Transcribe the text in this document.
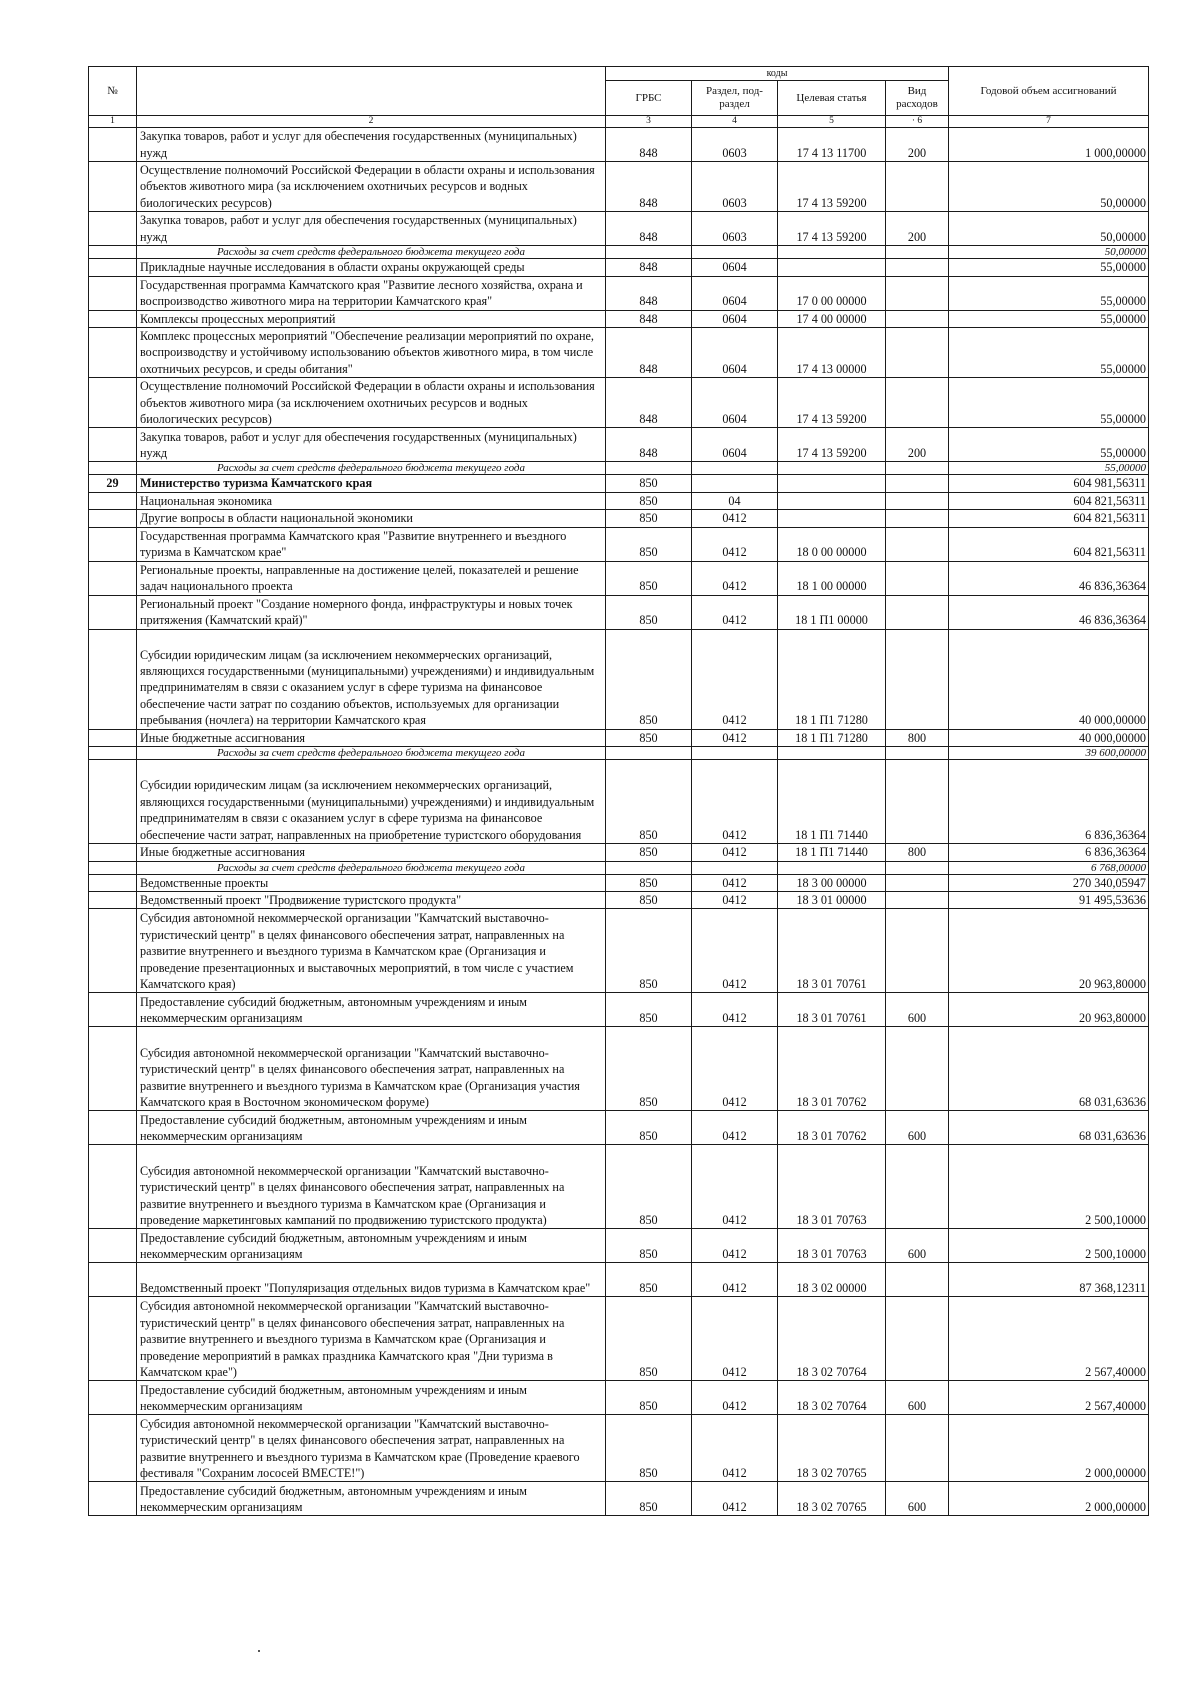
№		коды				Годовой объем ассигнований
		ГРБС	Раздел, под-раздел	Целевая статья	Вид расходов	
1	2	3	4	5	· 6	7
	Закупка товаров, работ и услуг для обеспечения государственных (муниципальных) нужд	848	0603	17 4 13 11700	200	1 000,00000
	Осуществление полномочий Российской Федерации в области охраны и использования объектов животного мира (за исключением охотничьих ресурсов и водных биологических ресурсов)	848	0603	17 4 13 59200		50,00000
	Закупка товаров, работ и услуг для обеспечения государственных (муниципальных) нужд	848	0603	17 4 13 59200	200	50,00000
	Расходы за счет средств федерального бюджета текущего года					50,00000
	Прикладные научные исследования в области охраны окружающей среды	848	0604			55,00000
	Государственная программа Камчатского края "Развитие лесного хозяйства, охрана и воспроизводство животного мира на территории Камчатского края"	848	0604	17 0 00 00000		55,00000
	Комплексы процессных мероприятий	848	0604	17 4 00 00000		55,00000
	Комплекс процессных мероприятий "Обеспечение реализации мероприятий по охране, воспроизводству и устойчивому использованию объектов животного мира, в том числе охотничьих ресурсов, и среды обитания"	848	0604	17 4 13 00000		55,00000
	Осуществление полномочий Российской Федерации в области охраны и использования объектов животного мира (за исключением охотничьих ресурсов и водных биологических ресурсов)	848	0604	17 4 13 59200		55,00000
	Закупка товаров, работ и услуг для обеспечения государственных (муниципальных) нужд	848	0604	17 4 13 59200	200	55,00000
	Расходы за счет средств федерального бюджета текущего года					55,00000
29	Министерство туризма Камчатского края	850				604 981,56311
	Национальная экономика	850	04			604 821,56311
	Другие вопросы в области национальной экономики	850	0412			604 821,56311
	Государственная программа Камчатского края "Развитие внутреннего и въездного туризма в Камчатском крае"	850	0412	18 0 00 00000		604 821,56311
	Региональные проекты, направленные на достижение целей, показателей и решение задач национального проекта	850	0412	18 1 00 00000		46 836,36364
	Региональный проект "Создание номерного фонда, инфраструктуры и новых точек притяжения (Камчатский край)"	850	0412	18 1 П1 00000		46 836,36364
	Субсидии юридическим лицам (за исключением некоммерческих организаций, являющихся государственными (муниципальными) учреждениями) и индивидуальным предпринимателям в связи с оказанием услуг в сфере туризма на финансовое обеспечение части затрат по созданию объектов, используемых для организации пребывания (ночлега) на территории Камчатского края	850	0412	18 1 П1 71280		40 000,00000
	Иные бюджетные ассигнования	850	0412	18 1 П1 71280	800	40 000,00000
	Расходы за счет средств федерального бюджета текущего года					39 600,00000
	Субсидии юридическим лицам (за исключением некоммерческих организаций, являющихся государственными (муниципальными) учреждениями) и индивидуальным предпринимателям в связи с оказанием услуг в сфере туризма на финансовое обеспечение части затрат, направленных на приобретение туристского оборудования	850	0412	18 1 П1 71440		6 836,36364
	Иные бюджетные ассигнования	850	0412	18 1 П1 71440	800	6 836,36364
	Расходы за счет средств федерального бюджета текущего года					6 768,00000
	Ведомственные проекты	850	0412	18 3 00 00000		270 340,05947
	Ведомственный проект "Продвижение туристского продукта"	850	0412	18 3 01 00000		91 495,53636
	Субсидия автономной некоммерческой организации "Камчатский выставочно-туристический центр" в целях финансового обеспечения затрат, направленных на развитие внутреннего и въездного туризма в Камчатском крае (Организация и проведение презентационных и выставочных мероприятий, в том числе с участием Камчатского края)	850	0412	18 3 01 70761		20 963,80000
	Предоставление субсидий бюджетным, автономным учреждениям и иным некоммерческим организациям	850	0412	18 3 01 70761	600	20 963,80000
	Субсидия автономной некоммерческой организации "Камчатский выставочно-туристический центр" в целях финансового обеспечения затрат, направленных на развитие внутреннего и въездного туризма в Камчатском крае (Организация участия Камчатского края в Восточном экономическом форуме)	850	0412	18 3 01 70762		68 031,63636
	Предоставление субсидий бюджетным, автономным учреждениям и иным некоммерческим организациям	850	0412	18 3 01 70762	600	68 031,63636
	Субсидия автономной некоммерческой организации "Камчатский выставочно-туристический центр" в целях финансового обеспечения затрат, направленных на развитие внутреннего и въездного туризма в Камчатском крае (Организация и проведение маркетинговых кампаний по продвижению туристского продукта)	850	0412	18 3 01 70763		2 500,10000
	Предоставление субсидий бюджетным, автономным учреждениям и иным некоммерческим организациям	850	0412	18 3 01 70763	600	2 500,10000
	Ведомственный проект "Популяризация отдельных видов туризма в Камчатском крае"	850	0412	18 3 02 00000		87 368,12311
	Субсидия автономной некоммерческой организации "Камчатский выставочно-туристический центр" в целях финансового обеспечения затрат, направленных на развитие внутреннего и въездного туризма в Камчатском крае (Организация и проведение мероприятий в рамках праздника Камчатского края "Дни туризма в Камчатском крае")	850	0412	18 3 02 70764		2 567,40000
	Предоставление субсидий бюджетным, автономным учреждениям и иным некоммерческим организациям	850	0412	18 3 02 70764	600	2 567,40000
	Субсидия автономной некоммерческой организации "Камчатский выставочно-туристический центр" в целях финансового обеспечения затрат, направленных на развитие внутреннего и въездного туризма в Камчатском крае (Проведение краевого фестиваля "Сохраним лососей ВМЕСТЕ!")	850	0412	18 3 02 70765		2 000,00000
	Предоставление субсидий бюджетным, автономным учреждениям и иным некоммерческим организациям	850	0412	18 3 02 70765	600	2 000,00000
